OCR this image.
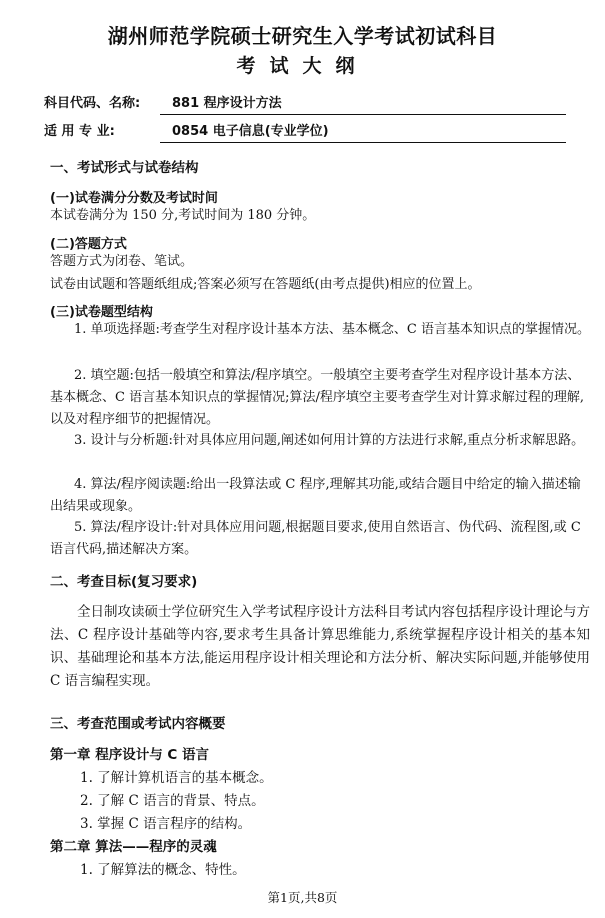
湖州师范学院硕士研究生入学考试初试科目
考试大纲
科目代码、名称:	881 程序设计方法
适 用 专 业:	0854 电子信息(专业学位)
一、考试形式与试卷结构
(一)试卷满分分数及考试时间
本试卷满分为 150 分,考试时间为 180 分钟。
(二)答题方式
答题方式为闭卷、笔试。
试卷由试题和答题纸组成;答案必须写在答题纸(由考点提供)相应的位置上。
(三)试卷题型结构
1. 单项选择题:考查学生对程序设计基本方法、基本概念、C 语言基本知识点的掌握情况。
2. 填空题:包括一般填空和算法/程序填空。一般填空主要考查学生对程序设计基本方法、基本概念、C 语言基本知识点的掌握情况;算法/程序填空主要考查学生对计算求解过程的理解,以及对程序细节的把握情况。
3. 设计与分析题:针对具体应用问题,阐述如何用计算的方法进行求解,重点分析求解思路。
4. 算法/程序阅读题:给出一段算法或 C 程序,理解其功能,或结合题目中给定的输入描述输出结果或现象。
5. 算法/程序设计:针对具体应用问题,根据题目要求,使用自然语言、伪代码、流程图,或 C 语言代码,描述解决方案。
二、考查目标(复习要求)
全日制攻读硕士学位研究生入学考试程序设计方法科目考试内容包括程序设计理论与方法、C 程序设计基础等内容,要求考生具备计算思维能力,系统掌握程序设计相关的基本知识、基础理论和基本方法,能运用程序设计相关理论和方法分析、解决实际问题,并能够使用 C 语言编程实现。
三、考查范围或考试内容概要
第一章 程序设计与 C 语言
1. 了解计算机语言的基本概念。
2. 了解 C 语言的背景、特点。
3. 掌握 C 语言程序的结构。
第二章 算法——程序的灵魂
1. 了解算法的概念、特性。
第1页,共8页
